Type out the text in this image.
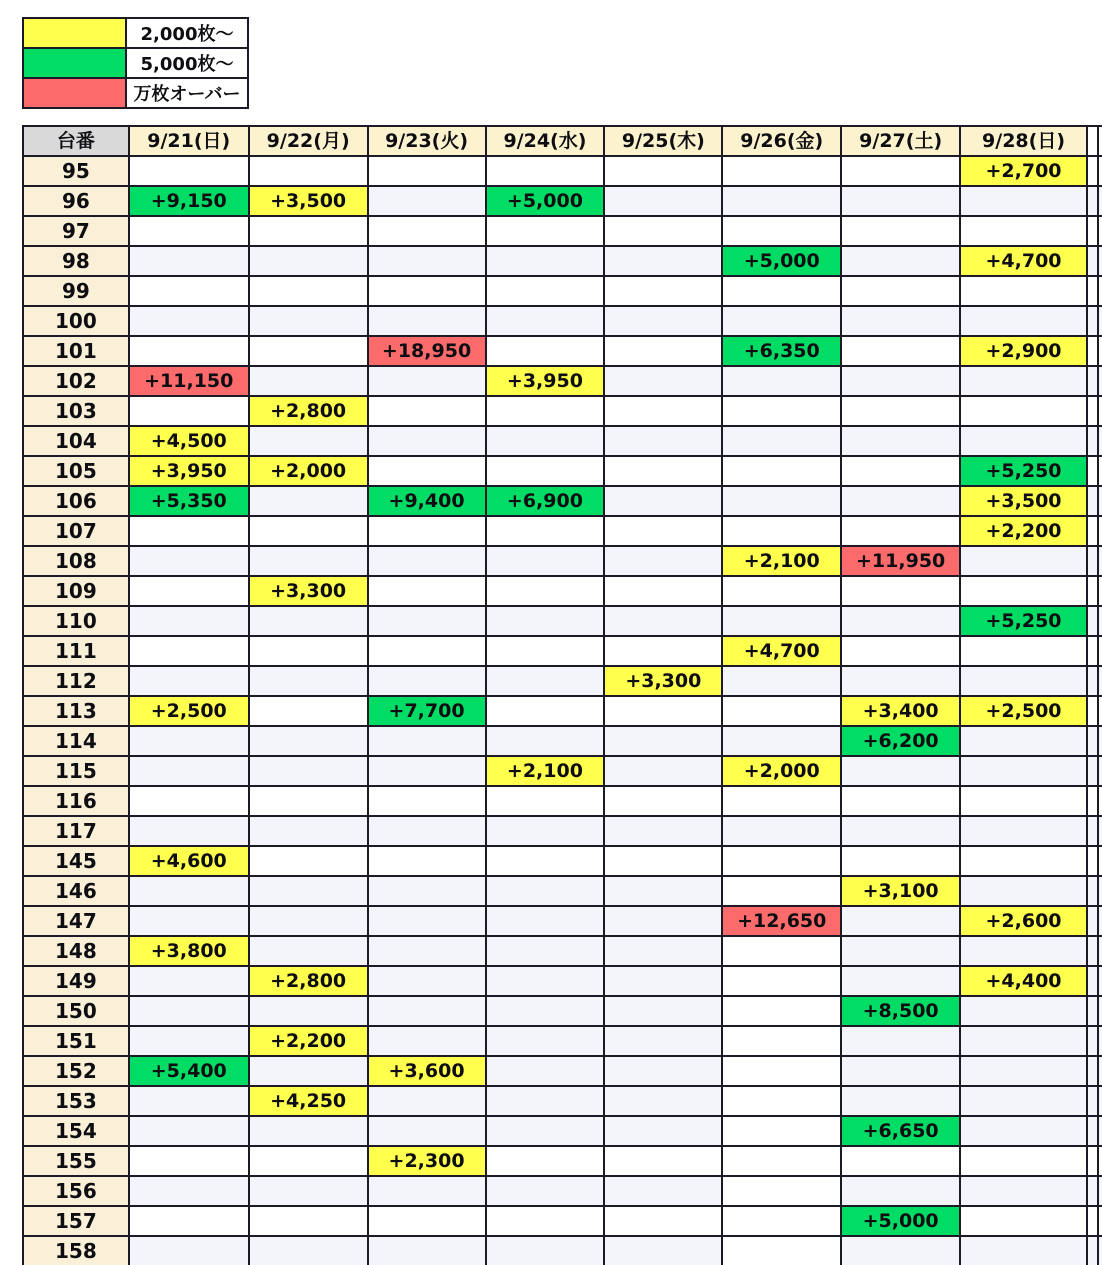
	2,000枚〜
	5,000枚〜
	万枚オーバー
台番	9/21(日)	9/22(月)	9/23(火)	9/24(水)	9/25(木)	9/26(金)	9/27(土)	9/28(日)		
95								+2,700		
96	+9,150	+3,500		+5,000						
97										
98						+5,000		+4,700		
99										
100										
101			+18,950			+6,350		+2,900		
102	+11,150			+3,950						
103		+2,800								
104	+4,500									
105	+3,950	+2,000						+5,250		
106	+5,350		+9,400	+6,900				+3,500		
107								+2,200		
108						+2,100	+11,950			
109		+3,300								
110								+5,250		
111						+4,700				
112					+3,300					
113	+2,500		+7,700				+3,400	+2,500		
114							+6,200			
115				+2,100		+2,000				
116										
117										
145	+4,600									
146							+3,100			
147						+12,650		+2,600		
148	+3,800									
149		+2,800						+4,400		
150							+8,500			
151		+2,200								
152	+5,400		+3,600							
153		+4,250								
154							+6,650			
155			+2,300							
156										
157							+5,000			
158										
